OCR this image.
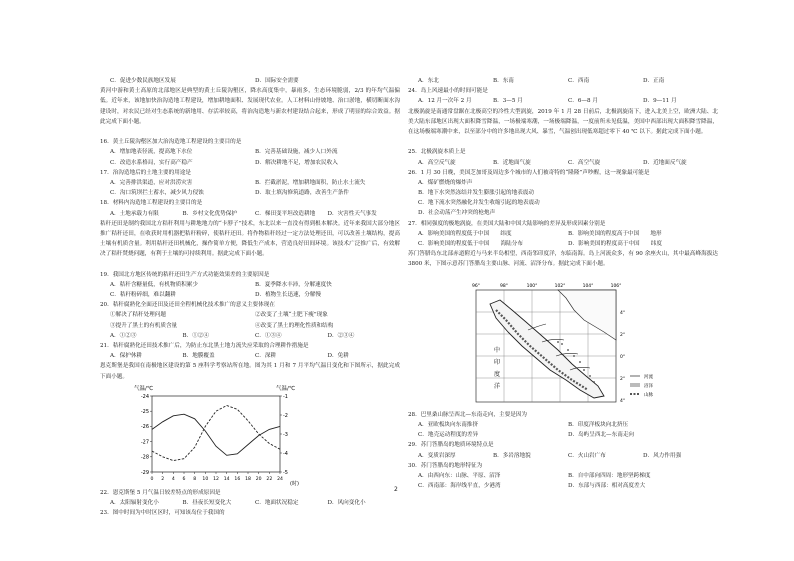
C．促进少数民族地区发展	D．国际安全需要
黄河中游和黄土高原的北部地区是典型的黄土丘陵沟壑区，降水高度集中，暴雨多，生态环境脆弱，2/3 的年均气温偏低。近年来，该地加快治沟造地工程建设，增加耕地面积、发展现代农业。人工材料山骨坡地、治口淤地，横切断面水沟建设时，对农民已经对生态系统的新地用、存活率较高，将治沟造地与新农村建设结合起来，形成了明显的综合效益。据此完成下面小题。
16．黄土丘陵沟壑区加大治沟造地工程建设的主要目的是
A．增加地表径流，提高地下水位	B．完善基础设施，减少人口外流
C．改造水系格局，实行高产稳产	D．解决耕地不足，增加农民收入
17．治沟造地后的土地主要的用途是
A．完善排洪渠道，应对洪涝灾害	B．拦截淤泥，增加耕地面积，防止水土流失
C．沟口筑坝拦土蓄水，减少风力侵蚀	D．取土填沟修筑道路，改善生产条件
18．材料内沟造地工程建设的主要目的是
A．土地承载力有限	B．乡村文化优势保护	C．梯田变平坦改造耕地	D．灾害性天气事发
秸秆还田是制约我国北方秸秆利用与耕地地力的“卡脖子”技术，东北以来一直没有得到根本解决。近年来我国大部分地区推广秸秆还田，在收获时用机器把秸秆粉碎，使秸秆还田。将作物秸秆经过一定方法处理还田，可以改善土壤结构，提高土壤有机质含量。利用秸秆还田机械化，操作简单方便，降低生产成本，营造良好田间环境。该技术广泛推广后，有效解决了秸秆焚烧问题，有利于土壤的可持续利用。据此完成下面小题。
19．我国北方地区传统的秸秆还田生产方式功能效果差的主要原因是
A．秸秆含糖量低，有机物质积累少	B．夏季降水丰沛，分解速度快
C．秸秆粉碎细，难以翻耕	D．植物生长迅速，分解慢
20．秸秆腐熟化全面还田及还田全程机械化技术推广的意义主要体现在
①解决了秸秆处理问题	②改变了土壤“土肥下瘦”现象
③提升了黑土的有机质含量	④改变了黑土的理化性质和结构
A．①②③	B．①②④	C．①③④	D．②③④
21．秸秆腐熟化还田技术推广后，为防止东北黑土地力流失应采取的合理耕作措施是
A．保护休耕	B．地膜覆盖	C．深耕	D．免耕
恩克斯堡是我国在南极地区建设的第 5 座科学考察站所在地。图为其 1 月和 7 月平均气温日变化和下图所示，据此完成下面小题。
气温/℃	气温/℃
(时)
-24
-25
-26
-27
-28
-29
-1
-2
-3
-4
-5
0 2 4 6 8 10 12 14 16 18 20 22 24
22．恩克斯堡 5 月气温日较差特点的形成原因是
A．太阳辐射变化小	B．昼夜长短变化大	C．地面状况稳定	D．风向变化小
23．图中时间为中时区区时，可知该岛位于我国的
2
A．东北	B．东南	C．西南	D．正南
24．岛上风速最小的时间可能是
A．12 月一次年 2 月	B．3—5 月	C．6—8 月	D．9—11 月
北极涡旋是南通常盘踞在北极高空的冷性大型涡旋，2019 年 1 月 28 日前后，北极涡旋南下，进入北美上空，欧洲大陆、北美大陆东部地区出现大面积降雪降温，一场极端寒潮，一场极端降温，一度前所未见低温，美国中西部出现大面积降雪降温，在这场极端寒潮中来，以至部分中的许多地出现大风、暴雪，气温创出现低寒超过零下 40 ℃ 以下。据此完成下面小题。
25．北极涡旋本质上是
A．高空反气旋	B．近地面气旋	C．高空气旋	D．近地面反气旋
26．1 月 30 日晚，美国芝加哥及周边多个城市的人们被奇特的“隆隆”声吵醒，这一现象最可能是
A．煤矿燃烧的爆炸声
B．地下水突然冻结并发生膨胀引起的地表震动
C．地下流水突然融化并发生收缩引起的地表震动
D．社会动荡产生冲突的枪炮声
27．相同强度的极地涡旋，在美国大陆和中国大陆影响的差异及形成因素分别是
A．影响美国的程度低于中国　　纬度	B．影响美国的程度高于中国　　地形
C．影响美国的程度低于中国　　海陆分布	D．影响美国的程度高于中国　　纬度
苏门答腊岛东北部赤道附近与马来半岛相望，西南邻印度洋，东临南海。岛上河流众多，有 90 余座火山，其中最高峰海拔达 3800 米，下图示意苏门答腊岛主要山脉、河流、沼泽分布。据此完成下面小题。
96°	98°	100°	102°	104°	106°
4°
2°
0°
2°
4°
中
印
度
洋
河流
沼泽
山脉
28．巴里桑山脉呈西北—东南走向，主要是因为
A．亚欧板块向东南推挤	B．印度洋板块向北挤压
C．地壳运动程度的差异	D．岛屿呈西北—东南走向
29．苏门答腊岛的地质环境特点是
A．变质岩深厚	B．多岩溶地貌	C．火山岩广布	D．风力作用强
30．苏门答腊岛的地形特征为
A．由西向东：山脉、平原、沼泽	B．自中部向四周：地形坚跨梯度
C．西南部：海岸线平直，少港湾	D．东部与西部：相对高度差大
